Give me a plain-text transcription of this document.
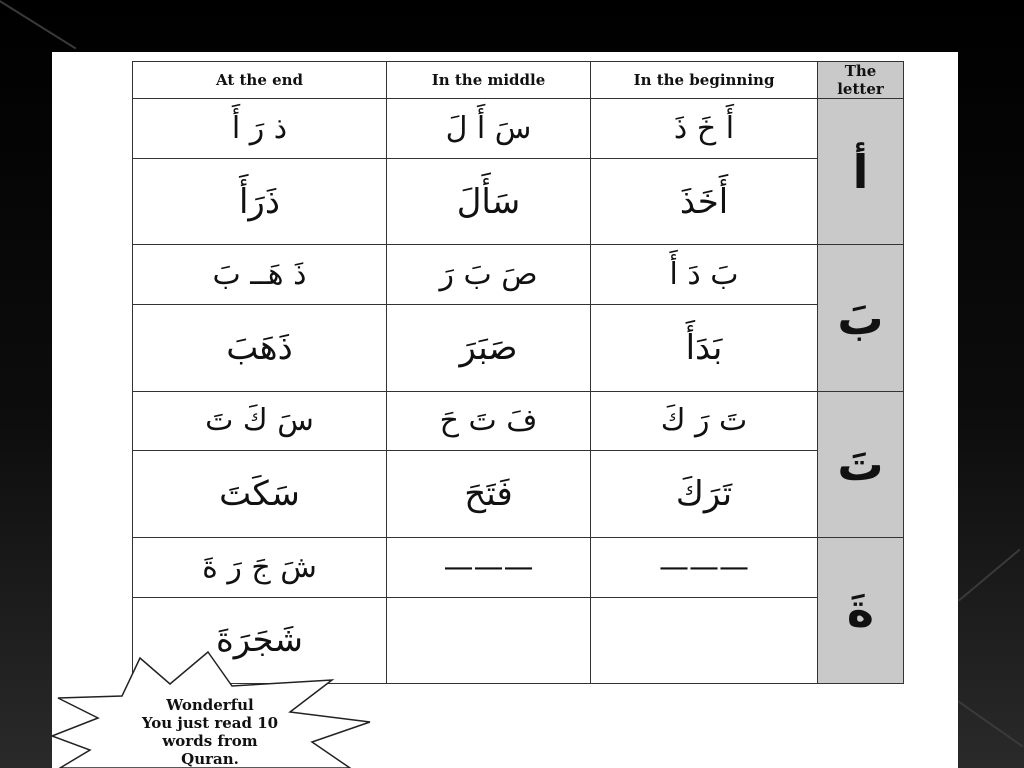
At the end	In the middle	In the beginning	The letter
ذ رَ أَ	سَ أَ لَ	أَ خَ ذَ	أ
ذَرَأَ	سَأَلَ	أَخَذَ	
ذَ هَــ بَ	صَ بَ رَ	بَ دَ أَ	بَ
ذَهَبَ	صَبَرَ	بَدَأَ	
سَ كَ تَ	فَ تَ حَ	تَ رَ كَ	تَ
سَكَتَ	فَتَحَ	تَرَكَ	
شَ جَ رَ ةَ	———	———	ةَ
شَجَرَةَ			
Wonderful
You just read 10
words from
Quran.
